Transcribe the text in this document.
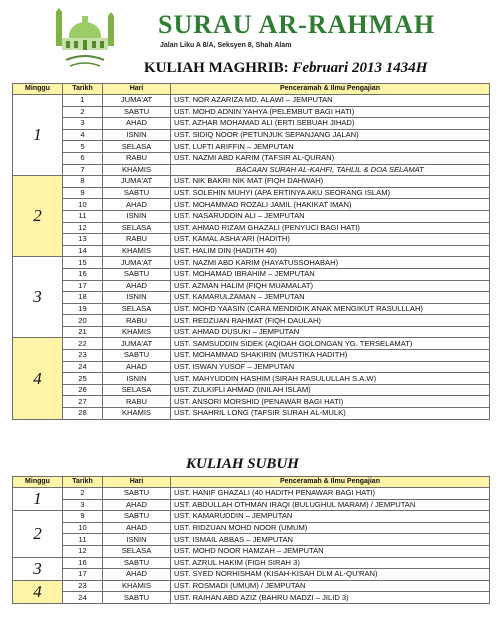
SURAU AR-RAHMAH
Jalan Liku A 8/A, Seksyen 8, Shah Alam
KULIAH MAGHRIB: Februari 2013 1434H
Minggu	Tarikh	Hari	Penceramah & Ilmu Pengajian
1	1	JUMA'AT	UST. NOR AZARIZA MD. ALAWI – JEMPUTAN
	2	SABTU	UST. MOHD ADNIN YAHYA (PELEMBUT BAGI HATI)
	3	AHAD	UST. AZHAR MOHAMAD ALI (ERTI SEBUAH JIHAD)
	4	ISNIN	UST. SIDIQ NOOR (PETUNJUK SEPANJANG JALAN)
	5	SELASA	UST. LUFTI ARIFFIN – JEMPUTAN
	6	RABU	UST. NAZMI ABD KARIM (TAFSIR AL-QURAN)
	7	KHAMIS	BACAAN SURAH AL-KAHFI, TAHLIL & DOA SELAMAT
2	8	JUMA'AT	UST. NIK BAKRI NIK MAT (FIQH DAHWAH)
	9	SABTU	UST. SOLEHIN MUHYI (APA ERTINYA AKU SEORANG ISLAM)
	10	AHAD	UST. MOHAMMAD ROZALI JAMIL (HAKIKAT IMAN)
	11	ISNIN	UST. NASARUDDIN ALI – JEMPUTAN
	12	SELASA	UST. AHMAD RIZAM GHAZALI (PENYUCI BAGI HATI)
	13	RABU	UST. KAMAL ASHA'ARI (HADITH)
	14	KHAMIS	UST. HALIM DIN (HADITH 40)
3	15	JUMA'AT	UST. NAZMI ABD KARIM (HAYATUSSOHABAH)
	16	SABTU	UST. MOHAMAD IBRAHIM – JEMPUTAN
	17	AHAD	UST. AZMAN HALIM (FIQH MUAMALAT)
	18	ISNIN	UST. KAMARULZAMAN – JEMPUTAN
	19	SELASA	UST. MOHD YAASIN (CARA MENDIDIK ANAK MENGIKUT RASULLLAH)
	20	RABU	UST. REDZUAN RAHMAT (FIQH DAULAH)
	21	KHAMIS	UST. AHMAD DUSUKI – JEMPUTAN
4	22	JUMA'AT	UST. SAMSUDDIN SIDEK (AQIDAH GOLONGAN YG. TERSELAMAT)
	23	SABTU	UST. MOHAMMAD SHAKIRIN (MUSTIKA HADITH)
	24	AHAD	UST. ISWAN YUSOF – JEMPUTAN
	25	ISNIN	UST. MAHYUDDIN HASHIM (SIRAH RASULULLAH S.A.W)
	26	SELASA	UST. ZULKIFLI AHMAD (INILAH ISLAM)
	27	RABU	UST. ANSORI MORSHID (PENAWAR BAGI HATI)
	28	KHAMIS	UST. SHAHRIL LONG (TAFSIR SURAH AL-MULK)
KULIAH SUBUH
Minggu	Tarikh	Hari	Penceramah & Ilmu Pengajian
1	2	SABTU	UST. HANIF GHAZALI (40 HADITH PENAWAR BAGI HATI)
	3	AHAD	UST. ABDULLAH OTHMAN IRAQI (BULUGHUL MARAM) / JEMPUTAN
2	9	SABTU	UST. KAMARUDDIN – JEMPUTAN
	10	AHAD	UST. RIDZUAN MOHD NOOR (UMUM)
	11	ISNIN	UST. ISMAIL ABBAS – JEMPUTAN
	12	SELASA	UST. MOHD NOOR HAMZAH – JEMPUTAN
3	16	SABTU	UST. AZRUL HAKIM (FIGH SIRAH 3)
	17	AHAD	UST. SYED NORHISHAM (KISAH-KISAH DLM AL-QU'RAN)
4	23	KHAMIS	UST. ROSMADI (UMUM) / JEMPUTAN
	24	SABTU	UST. RAIHAN ABD AZIZ (BAHRU MADZI – JILID 3)
